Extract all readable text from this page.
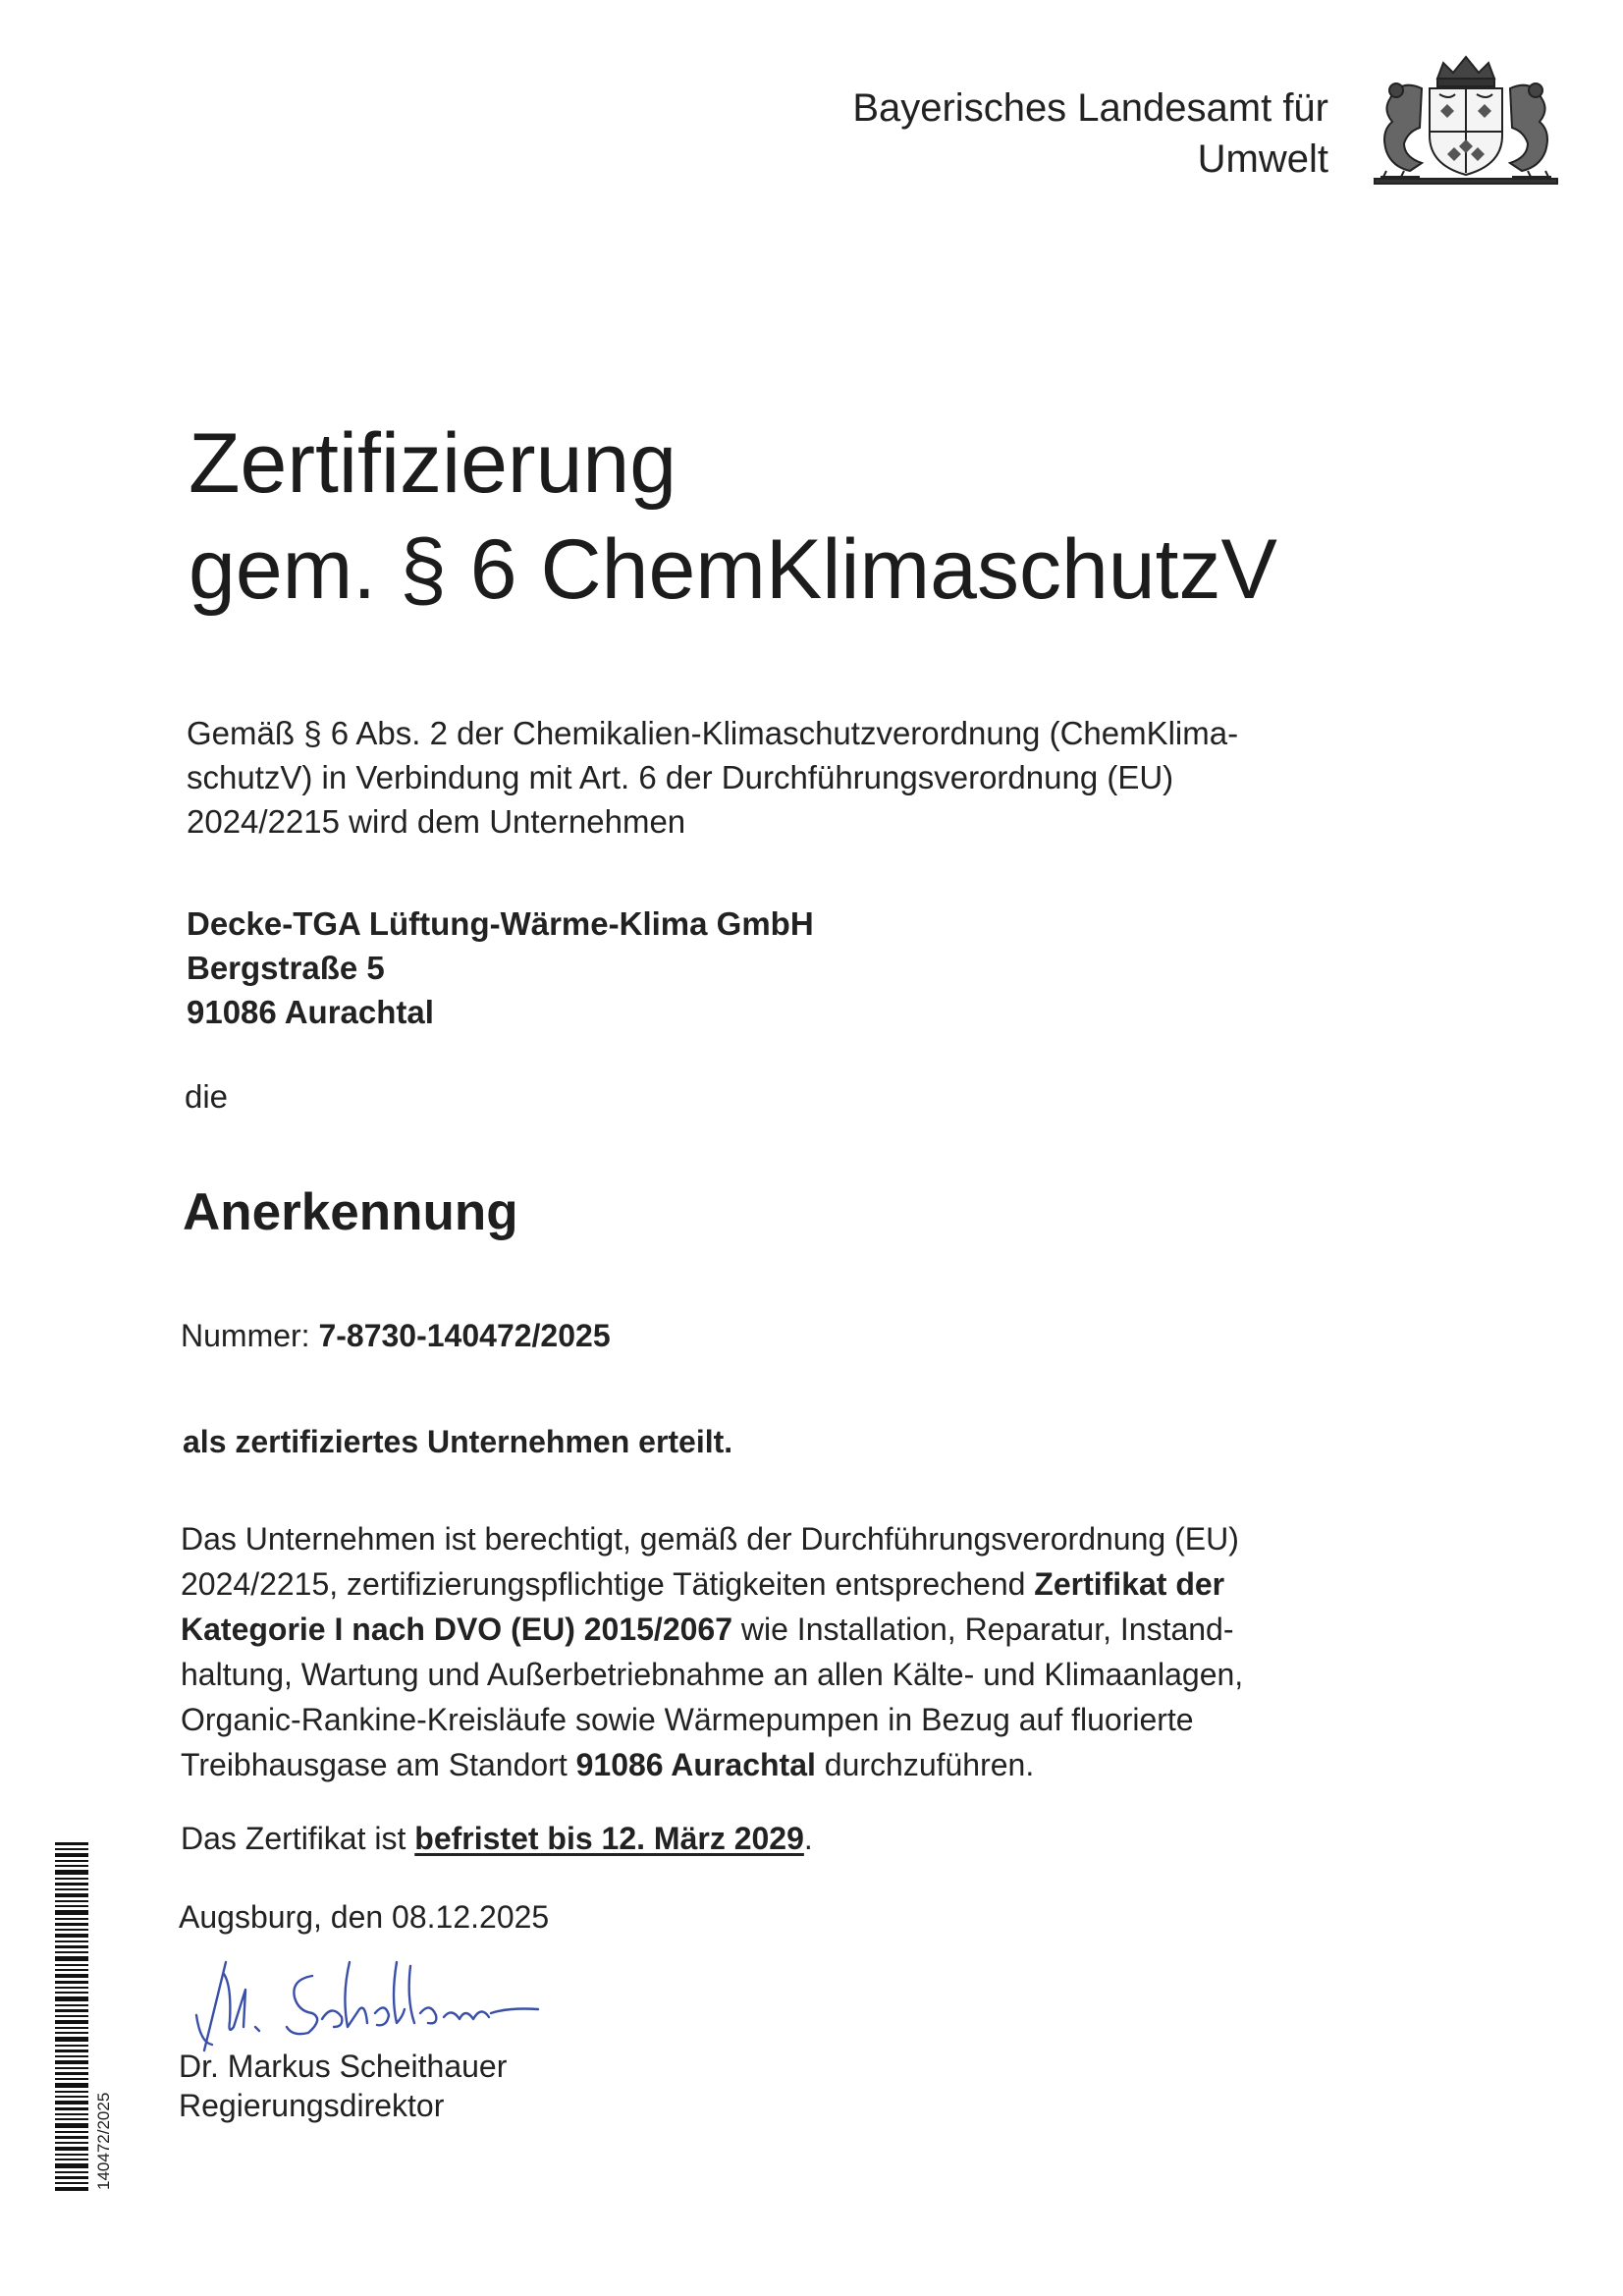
Bayerisches Landesamt für
Umwelt
Zertifizierung
gem. § 6 ChemKlimaschutzV
Gemäß § 6 Abs. 2 der Chemikalien-Klimaschutzverordnung (ChemKlima-
schutzV) in Verbindung mit Art. 6 der Durchführungsverordnung (EU)
2024/2215 wird dem Unternehmen
Decke-TGA Lüftung-Wärme-Klima GmbH
Bergstraße 5
91086 Aurachtal
die
Anerkennung
Nummer: 7-8730-140472/2025
als zertifiziertes Unternehmen erteilt.
Das Unternehmen ist berechtigt, gemäß der Durchführungsverordnung (EU)
2024/2215, zertifizierungspflichtige Tätigkeiten entsprechend Zertifikat der
Kategorie I nach DVO (EU) 2015/2067 wie Installation, Reparatur, Instand-
haltung, Wartung und Außerbetriebnahme an allen Kälte- und Klimaanlagen,
Organic-Rankine-Kreisläufe sowie Wärmepumpen in Bezug auf fluorierte
Treibhausgase am Standort 91086 Aurachtal durchzuführen.
Das Zertifikat ist befristet bis 12. März 2029.
Augsburg, den 08.12.2025
Dr. Markus Scheithauer
Regierungsdirektor
140472/2025
